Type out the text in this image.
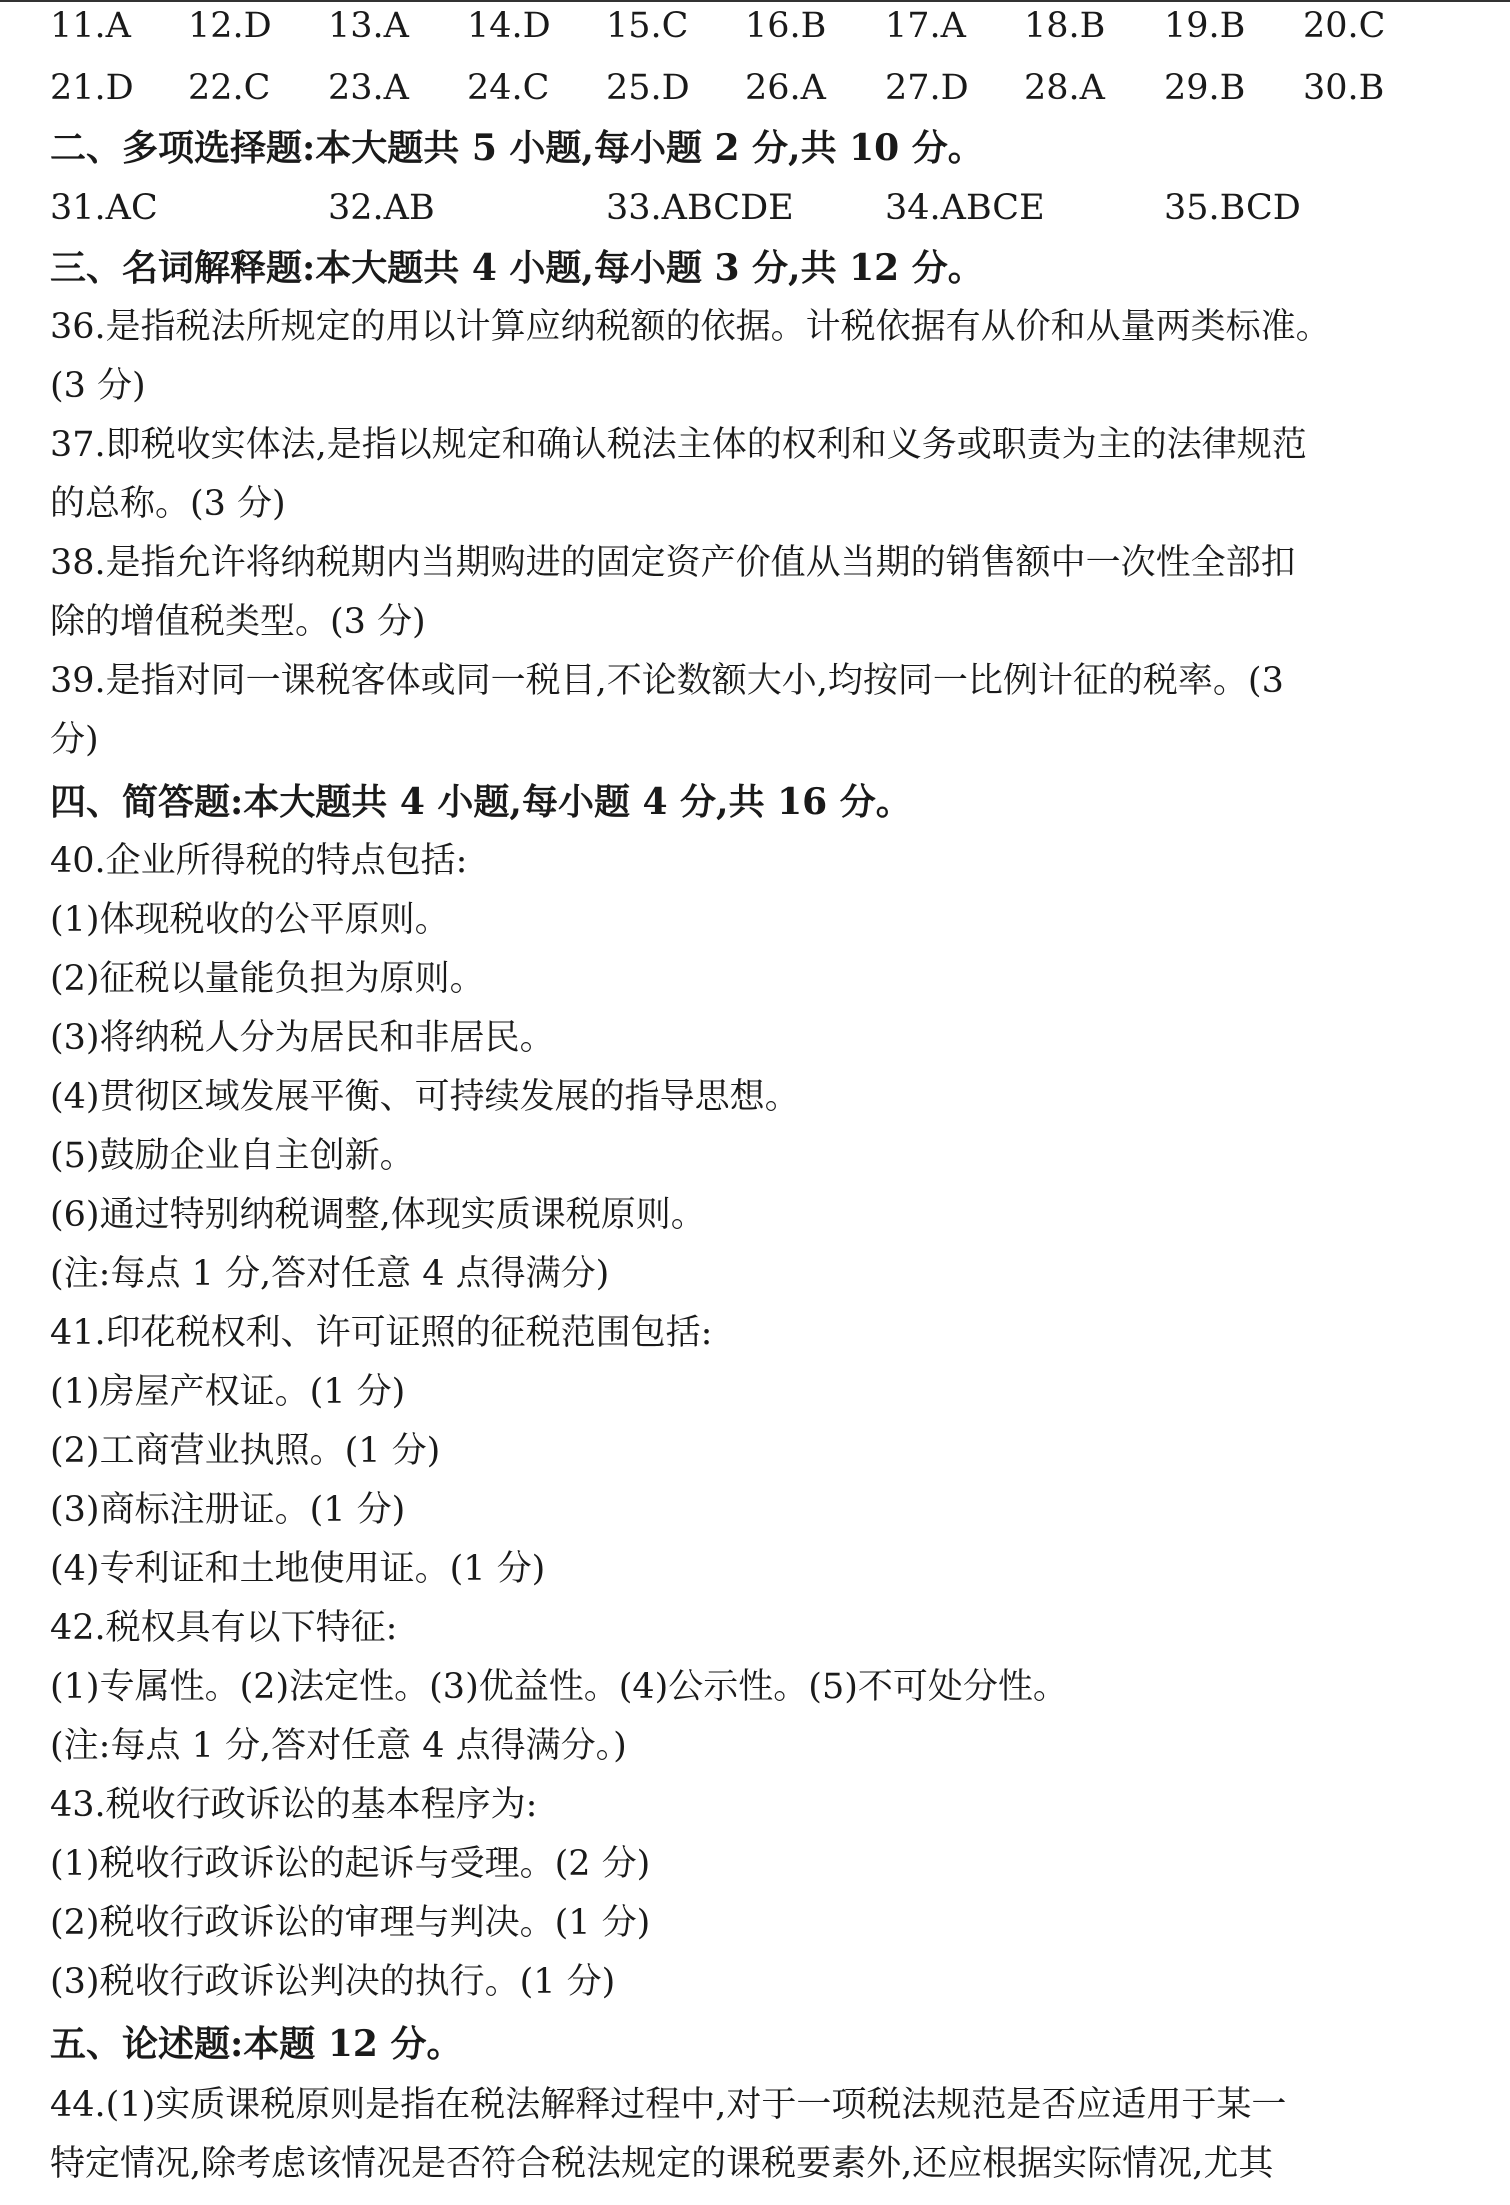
11.A 12.D 13.A 14.D 15.C 16.B 17.A 18.B 19.B 20.C
21.D 22.C 23.A 24.C 25.D 26.A 27.D 28.A 29.B 30.B
二、多项选择题:本大题共 5 小题,每小题 2 分,共 10 分。
31.AC	32.AB	33.ABCDE	34.ABCE	35.BCD
三、名词解释题:本大题共 4 小题,每小题 3 分,共 12 分。
36.是指税法所规定的用以计算应纳税额的依据。计税依据有从价和从量两类标准。
(3 分)
37.即税收实体法,是指以规定和确认税法主体的权利和义务或职责为主的法律规范
的总称。(3 分)
38.是指允许将纳税期内当期购进的固定资产价值从当期的销售额中一次性全部扣
除的增值税类型。(3 分)
39.是指对同一课税客体或同一税目,不论数额大小,均按同一比例计征的税率。(3
分)
四、简答题:本大题共 4 小题,每小题 4 分,共 16 分。
40.企业所得税的特点包括:
(1)体现税收的公平原则。
(2)征税以量能负担为原则。
(3)将纳税人分为居民和非居民。
(4)贯彻区域发展平衡、可持续发展的指导思想。
(5)鼓励企业自主创新。
(6)通过特别纳税调整,体现实质课税原则。
(注:每点 1 分,答对任意 4 点得满分)
41.印花税权利、许可证照的征税范围包括:
(1)房屋产权证。(1 分)
(2)工商营业执照。(1 分)
(3)商标注册证。(1 分)
(4)专利证和土地使用证。(1 分)
42.税权具有以下特征:
(1)专属性。(2)法定性。(3)优益性。(4)公示性。(5)不可处分性。
(注:每点 1 分,答对任意 4 点得满分。)
43.税收行政诉讼的基本程序为:
(1)税收行政诉讼的起诉与受理。(2 分)
(2)税收行政诉讼的审理与判决。(1 分)
(3)税收行政诉讼判决的执行。(1 分)
五、论述题:本题 12 分。
44.(1)实质课税原则是指在税法解释过程中,对于一项税法规范是否应适用于某一
特定情况,除考虑该情况是否符合税法规定的课税要素外,还应根据实际情况,尤其
